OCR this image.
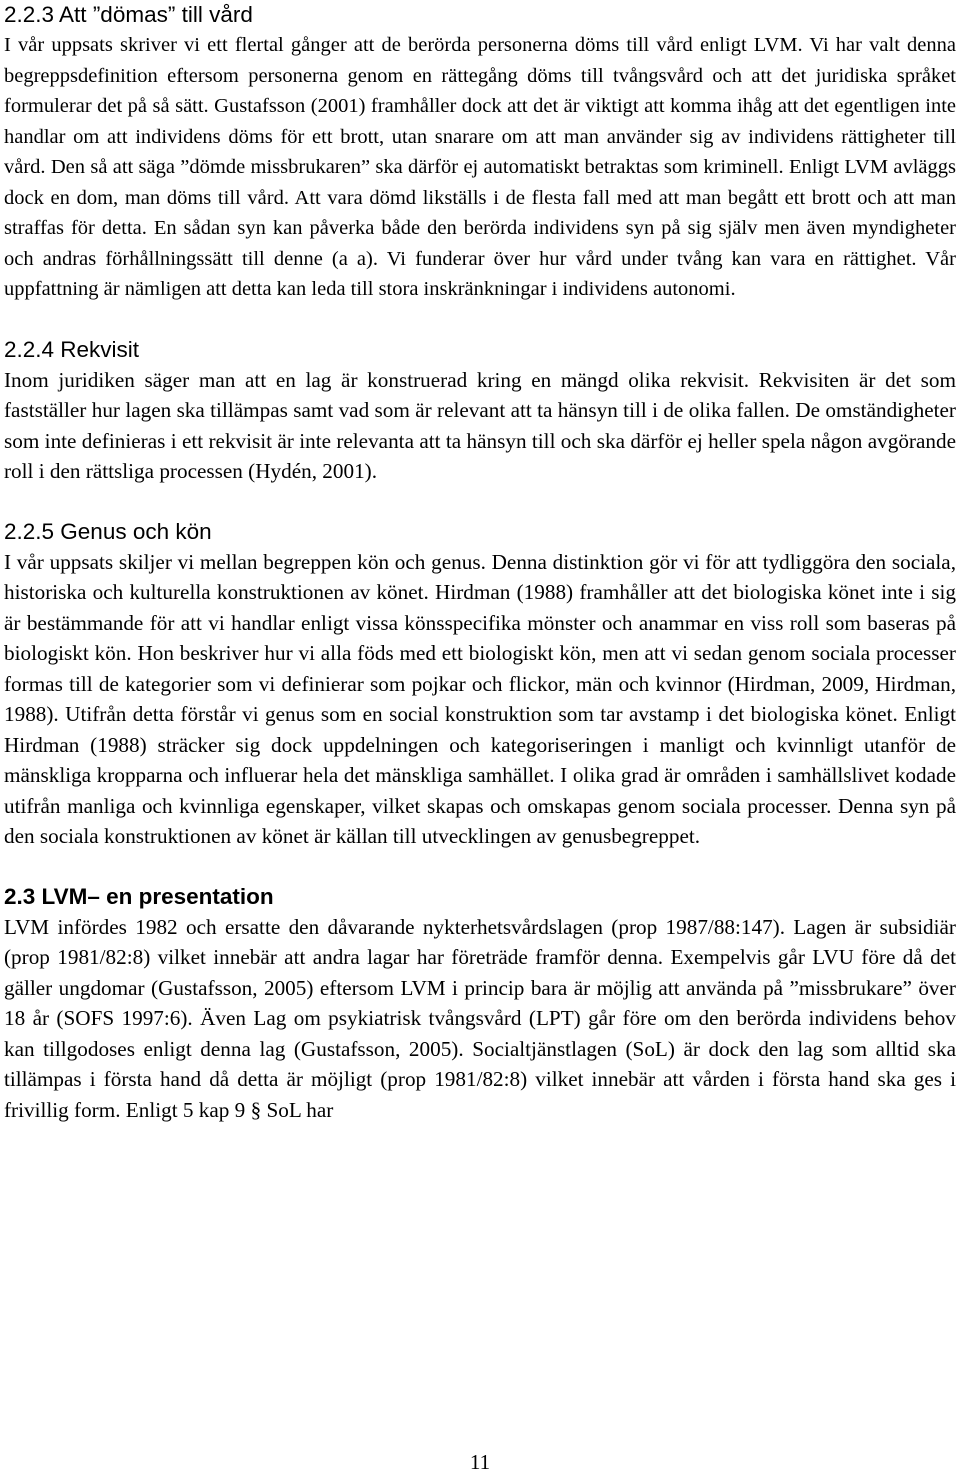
2.2.3 Att ”dömas” till vård

I vår uppsats skriver vi ett flertal gånger att de berörda personerna döms till vård enligt LVM. Vi har valt denna begreppsdefinition eftersom personerna genom en rättegång döms till tvångsvård och att det juridiska språket formulerar det på så sätt. Gustafsson (2001) framhåller dock att det är viktigt att komma ihåg att det egentligen inte handlar om att individens döms för ett brott, utan snarare om att man använder sig av individens rättigheter till vård. Den så att säga ”dömde missbrukaren” ska därför ej automatiskt betraktas som kriminell. Enligt LVM avläggs dock en dom, man döms till vård. Att vara dömd likställs i de flesta fall med att man begått ett brott och att man straffas för detta. En sådan syn kan påverka både den berörda individens syn på sig själv men även myndigheter och andras förhållningssätt till denne (a a). Vi funderar över hur vård under tvång kan vara en rättighet. Vår uppfattning är nämligen att detta kan leda till stora inskränkningar i individens autonomi.

2.2.4 Rekvisit

Inom juridiken säger man att en lag är konstruerad kring en mängd olika rekvisit. Rekvisiten är det som fastställer hur lagen ska tillämpas samt vad som är relevant att ta hänsyn till i de olika fallen. De omständigheter som inte definieras i ett rekvisit är inte relevanta att ta hänsyn till och ska därför ej heller spela någon avgörande roll i den rättsliga processen (Hydén, 2001).

2.2.5 Genus och kön

I vår uppsats skiljer vi mellan begreppen kön och genus. Denna distinktion gör vi för att tydliggöra den sociala, historiska och kulturella konstruktionen av könet. Hirdman (1988) framhåller att det biologiska könet inte i sig är bestämmande för att vi handlar enligt vissa könsspecifika mönster och anammar en viss roll som baseras på biologiskt kön. Hon beskriver hur vi alla föds med ett biologiskt kön, men att vi sedan genom sociala processer formas till de kategorier som vi definierar som pojkar och flickor, män och kvinnor (Hirdman, 2009, Hirdman, 1988). Utifrån detta förstår vi genus som en social konstruktion som tar avstamp i det biologiska könet. Enligt Hirdman (1988) sträcker sig dock uppdelningen och kategoriseringen i manligt och kvinnligt utanför de mänskliga kropparna och influerar hela det mänskliga samhället. I olika grad är områden i samhällslivet kodade utifrån manliga och kvinnliga egenskaper, vilket skapas och omskapas genom sociala processer. Denna syn på den sociala konstruktionen av könet är källan till utvecklingen av genusbegreppet.

2.3 LVM– en presentation

LVM infördes 1982 och ersatte den dåvarande nykterhetsvårdslagen (prop 1987/88:147). Lagen är subsidiär (prop 1981/82:8) vilket innebär att andra lagar har företräde framför denna. Exempelvis går LVU före då det gäller ungdomar (Gustafsson, 2005) eftersom LVM i princip bara är möjlig att använda på ”missbrukare” över 18 år (SOFS 1997:6). Även Lag om psykiatrisk tvångsvård (LPT) går före om den berörda individens behov kan tillgodoses enligt denna lag (Gustafsson, 2005). Socialtjänstlagen (SoL) är dock den lag som alltid ska tillämpas i första hand då detta är möjligt (prop 1981/82:8) vilket innebär att vården i första hand ska ges i frivillig form. Enligt 5 kap 9 § SoL har

11
